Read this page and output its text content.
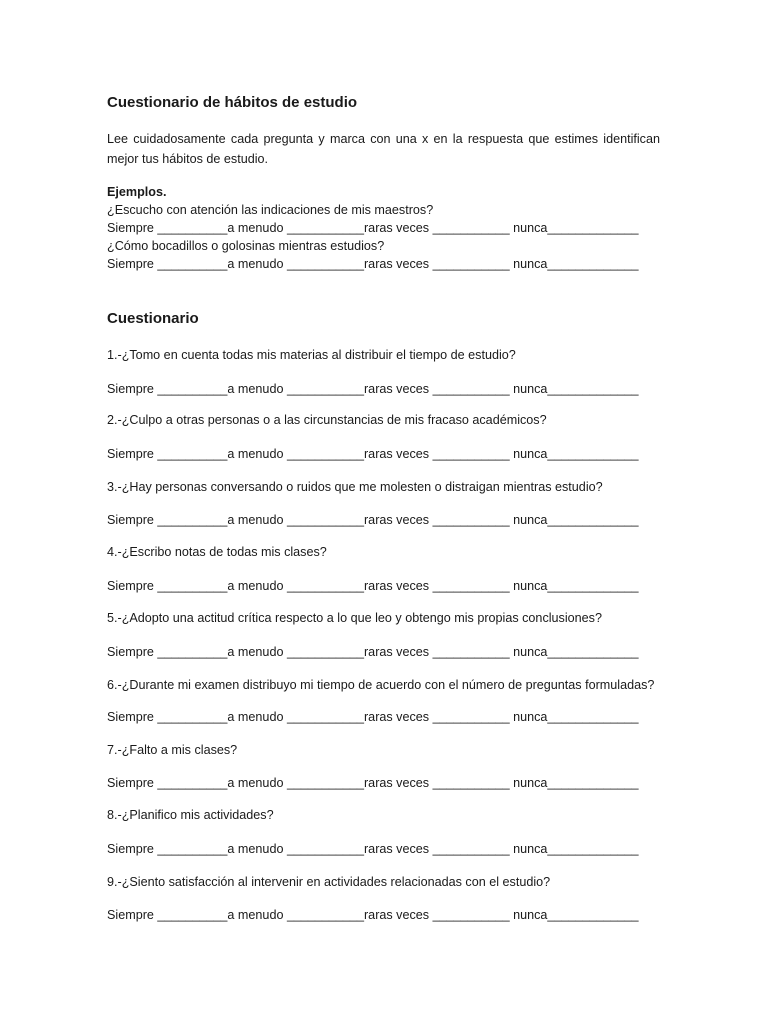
Cuestionario de hábitos de estudio

Lee cuidadosamente cada pregunta y marca con una x en la respuesta que estimes identifican mejor tus hábitos de estudio.

Ejemplos.
¿Escucho con atención las indicaciones de mis maestros?
Siempre __________a menudo ___________raras veces ___________ nunca_____________
¿Cómo bocadillos o golosinas mientras estudios?
Siempre __________a menudo ___________raras veces ___________ nunca_____________
Cuestionario
1.-¿Tomo en cuenta todas mis materias al distribuir el tiempo de estudio?
Siempre __________a menudo ___________raras veces ___________ nunca_____________
2.-¿Culpo a otras personas o a las circunstancias de mis fracaso académicos?
Siempre __________a menudo ___________raras veces ___________ nunca_____________
3.-¿Hay personas conversando o ruidos que me molesten o distraigan mientras estudio?
Siempre __________a menudo ___________raras veces ___________ nunca_____________
4.-¿Escribo notas de todas mis clases?
Siempre __________a menudo ___________raras veces ___________ nunca_____________
5.-¿Adopto una actitud crítica respecto a lo que leo y obtengo mis propias conclusiones?
Siempre __________a menudo ___________raras veces ___________ nunca_____________
6.-¿Durante mi examen distribuyo mi tiempo de acuerdo con el número de preguntas formuladas?
Siempre __________a menudo ___________raras veces ___________ nunca_____________
7.-¿Falto a mis clases?
Siempre __________a menudo ___________raras veces ___________ nunca_____________
8.-¿Planifico mis actividades?
Siempre __________a menudo ___________raras veces ___________ nunca_____________
9.-¿Siento satisfacción al intervenir en actividades relacionadas con el estudio?
Siempre __________a menudo ___________raras veces ___________ nunca_____________
